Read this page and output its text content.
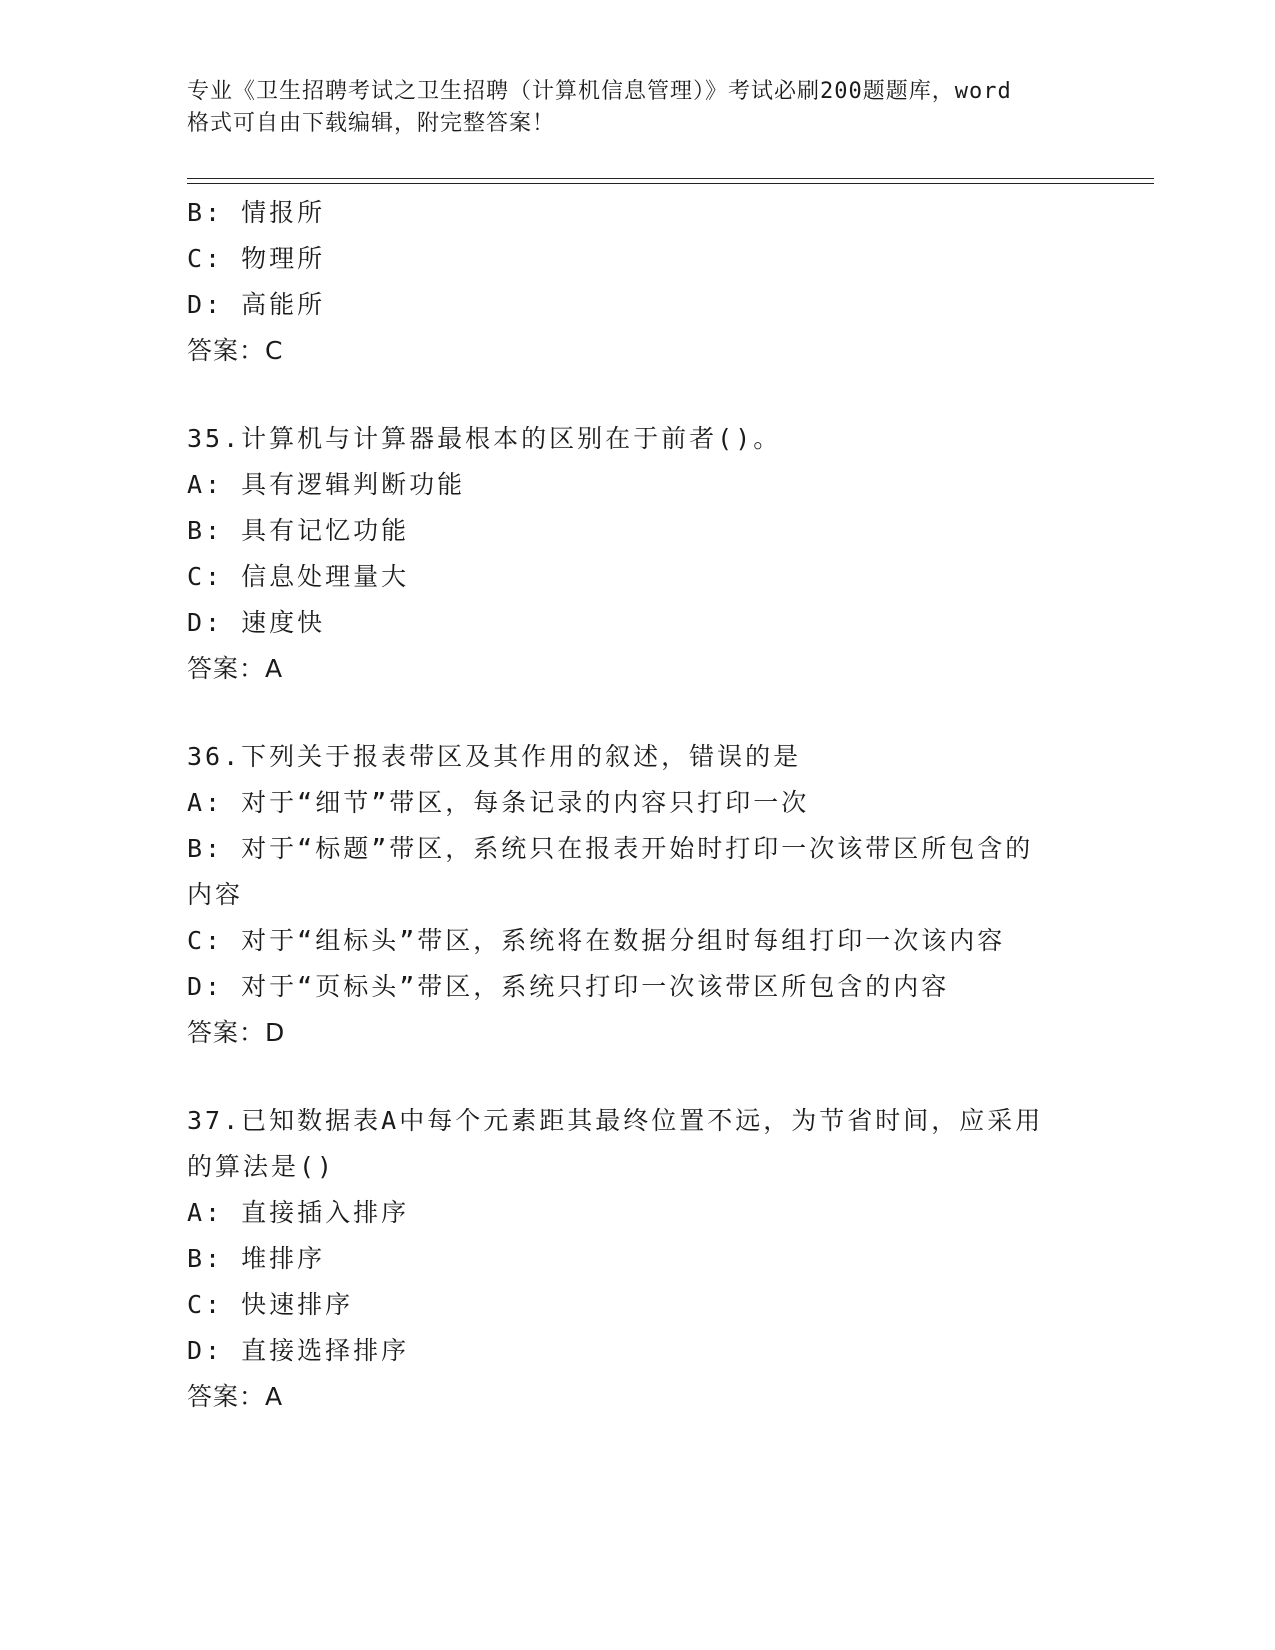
专业《卫生招聘考试之卫生招聘（计算机信息管理）》考试必刷200题题库，word
格式可自由下载编辑，附完整答案！
B: 情报所
C: 物理所
D: 高能所
答案：C
35.计算机与计算器最根本的区别在于前者()。
A: 具有逻辑判断功能
B: 具有记忆功能
C: 信息处理量大
D: 速度快
答案：A
36.下列关于报表带区及其作用的叙述，错误的是
A: 对于“细节”带区，每条记录的内容只打印一次
B: 对于“标题”带区，系统只在报表开始时打印一次该带区所包含的
内容
C: 对于“组标头”带区，系统将在数据分组时每组打印一次该内容
D: 对于“页标头”带区，系统只打印一次该带区所包含的内容
答案：D
37.已知数据表A中每个元素距其最终位置不远，为节省时间，应采用
的算法是()
A: 直接插入排序
B: 堆排序
C: 快速排序
D: 直接选择排序
答案：A
